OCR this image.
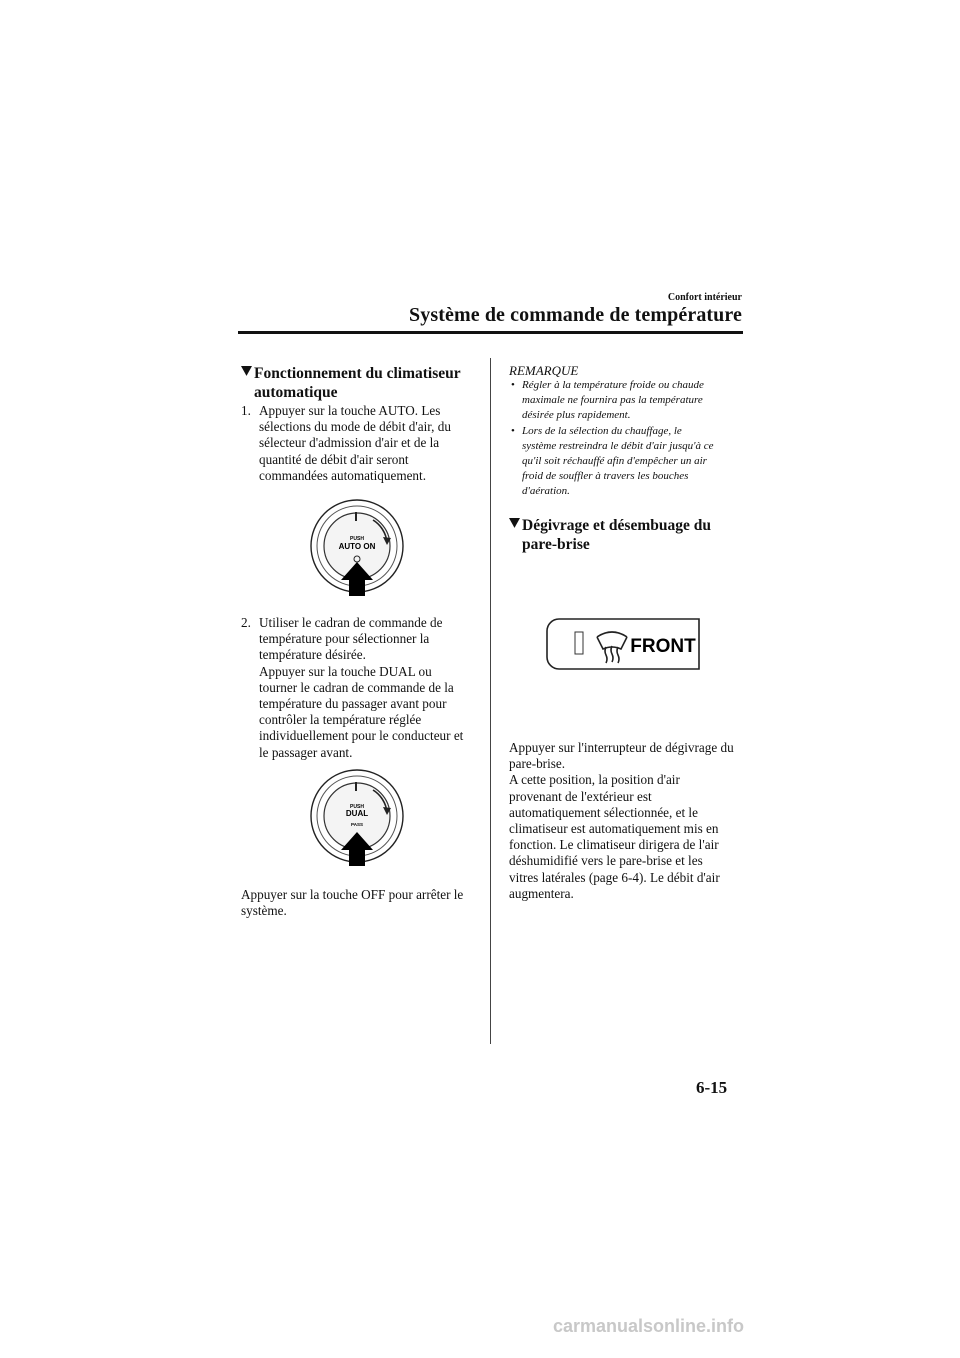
Confort intérieur
Système de commande de température
Fonctionnement du climatiseur
automatique
1. Appuyer sur la touche AUTO. Les
sélections du mode de débit d'air, du
sélecteur d'admission d'air et de la
quantité de débit d'air seront
commandées automatiquement.
PUSH
AUTO ON
2. Utiliser le cadran de commande de
température pour sélectionner la
température désirée.
Appuyer sur la touche DUAL ou
tourner le cadran de commande de la
température du passager avant pour
contrôler la température réglée
individuellement pour le conducteur et
le passager avant.
PUSH
DUAL
PASS
Appuyer sur la touche OFF pour arrêter le
système.
REMARQUE
• Régler à la température froide ou chaude
maximale ne fournira pas la température
désirée plus rapidement.
• Lors de la sélection du chauffage, le
système restreindra le débit d'air jusqu'à ce
qu'il soit réchauffé afin d'empêcher un air
froid de souffler à travers les bouches
d'aération.
Dégivrage et désembuage du
pare-brise
FRONT
Appuyer sur l'interrupteur de dégivrage du
pare-brise.
A cette position, la position d'air
provenant de l'extérieur est
automatiquement sélectionnée, et le
climatiseur est automatiquement mis en
fonction. Le climatiseur dirigera de l'air
déshumidifié vers le pare-brise et les
vitres latérales (page 6-4). Le débit d'air
augmentera.
6-15
carmanualsonline.info
